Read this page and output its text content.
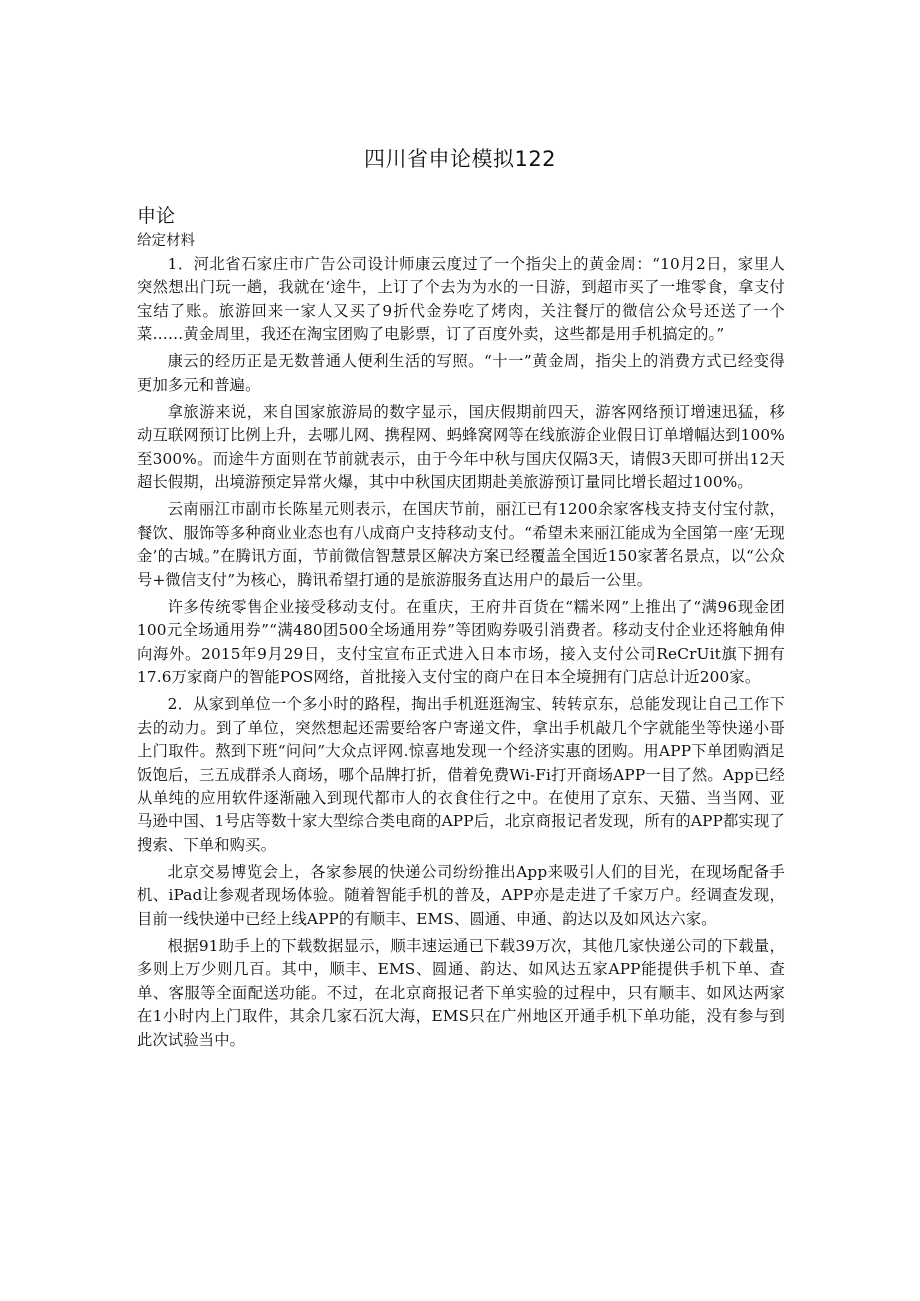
四川省申论模拟122
申论
给定材料

1．河北省石家庄市广告公司设计师康云度过了一个指尖上的黄金周：“10月2日，家里人突然想出门玩一趟，我就在‘途牛，上订了个去为为水的一日游，到超市买了一堆零食，拿支付宝结了账。旅游回来一家人又买了9折代金券吃了烤肉，关注餐厅的微信公众号还送了一个菜……黄金周里，我还在淘宝团购了电影票，订了百度外卖，这些都是用手机搞定的。”

康云的经历正是无数普通人便利生活的写照。“十一”黄金周，指尖上的消费方式已经变得更加多元和普遍。

拿旅游来说，来自国家旅游局的数字显示，国庆假期前四天，游客网络预订增速迅猛，移动互联网预订比例上升，去哪儿网、携程网、蚂蜂窝网等在线旅游企业假日订单增幅达到100%至300%。而途牛方面则在节前就表示，由于今年中秋与国庆仅隔3天，请假3天即可拼出12天超长假期，出境游预定异常火爆，其中中秋国庆团期赴美旅游预订量同比增长超过100%。

云南丽江市副市长陈星元则表示，在国庆节前，丽江已有1200余家客栈支持支付宝付款，餐饮、服饰等多种商业业态也有八成商户支持移动支付。“希望未来丽江能成为全国第一座‘无现金’的古城。”在腾讯方面，节前微信智慧景区解决方案已经覆盖全国近150家著名景点，以“公众号+微信支付”为核心，腾讯希望打通的是旅游服务直达用户的最后一公里。

许多传统零售企业接受移动支付。在重庆，王府井百货在“糯米网”上推出了“满96现金团100元全场通用券”“满480团500全场通用券”等团购券吸引消费者。移动支付企业还将触角伸向海外。2015年9月29日，支付宝宣布正式进入日本市场，接入支付公司ReCrUit旗下拥有17.6万家商户的智能POS网络，首批接入支付宝的商户在日本全境拥有门店总计近200家。

2．从家到单位一个多小时的路程，掏出手机逛逛淘宝、转转京东，总能发现让自己工作下去的动力。到了单位，突然想起还需要给客户寄递文件，拿出手机敲几个字就能坐等快递小哥上门取件。熬到下班“问问”大众点评网.惊喜地发现一个经济实惠的团购。用APP下单团购酒足饭饱后，三五成群杀人商场，哪个品牌打折，借着免费Wi-Fi打开商场APP一目了然。App已经从单纯的应用软件逐渐融入到现代都市人的衣食住行之中。在使用了京东、天猫、当当网、亚马逊中国、1号店等数十家大型综合类电商的APP后，北京商报记者发现，所有的APP都实现了搜索、下单和购买。

北京交易博览会上，各家参展的快递公司纷纷推出App来吸引人们的目光，在现场配备手机、iPad让参观者现场体验。随着智能手机的普及，APP亦是走进了千家万户。经调查发现，目前一线快递中已经上线APP的有顺丰、EMS、圆通、申通、韵达以及如风达六家。

根据91助手上的下载数据显示，顺丰速运通已下载39万次，其他几家快递公司的下载量，多则上万少则几百。其中，顺丰、EMS、圆通、韵达、如风达五家APP能提供手机下单、查单、客服等全面配送功能。不过，在北京商报记者下单实验的过程中，只有顺丰、如风达两家在1小时内上门取件，其余几家石沉大海，EMS只在广州地区开通手机下单功能，没有参与到此次试验当中。
